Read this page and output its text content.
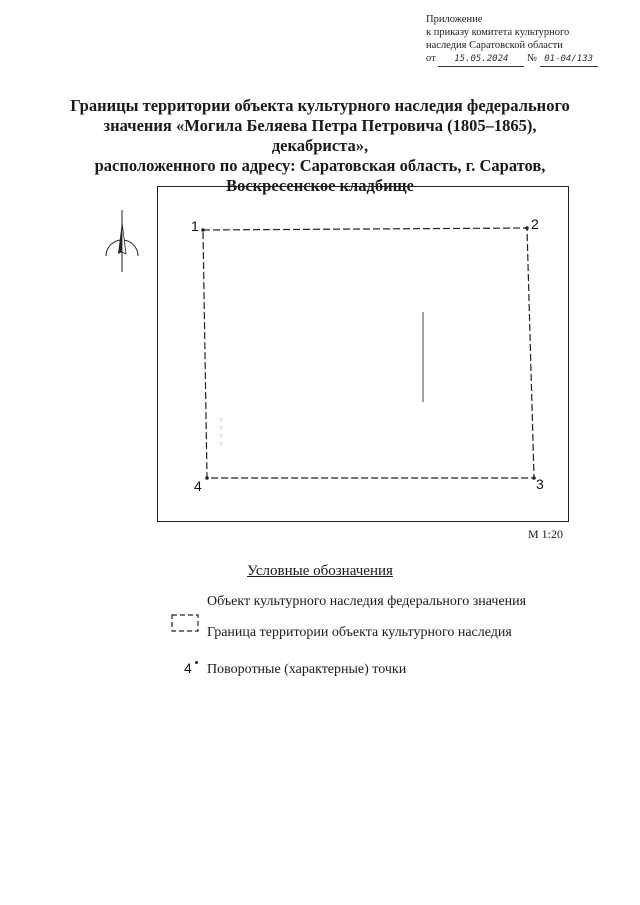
Приложение
к приказу комитета культурного
наследия Саратовской области
от 15.05.2024 № 01-04/133
Границы территории объекта культурного наследия федерального
значения «Могила Беляева Петра Петровича (1805–1865), декабриста»,
расположенного по адресу: Саратовская область, г. Саратов,
Воскресенское кладбище
1	2
3
4
М 1:20
Условные обозначения
Объект культурного наследия федерального значения
Граница территории объекта культурного наследия
4 Поворотные (характерные) точки
